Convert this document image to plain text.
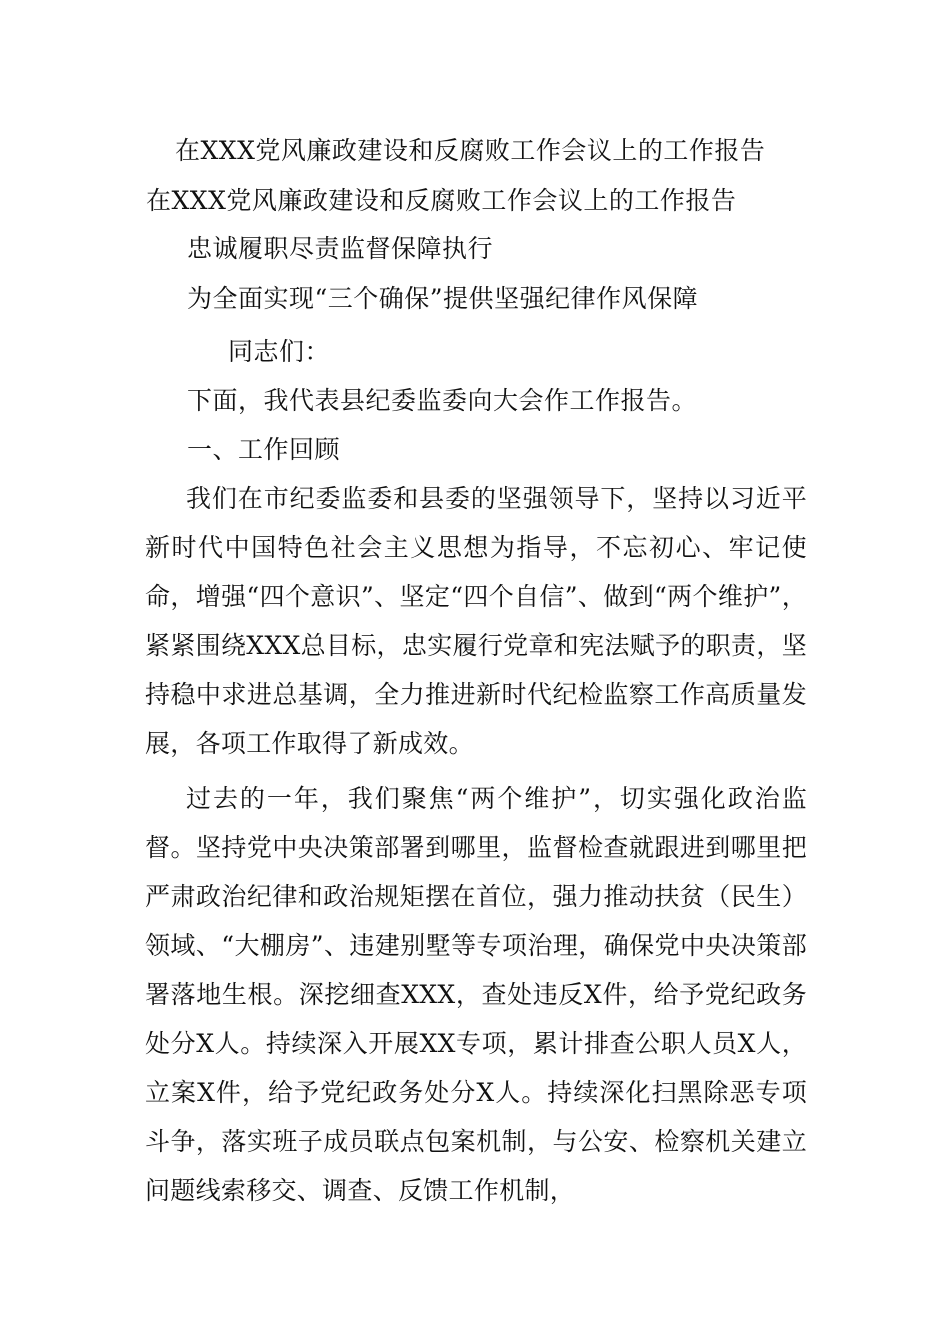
在XXX党风廉政建设和反腐败工作会议上的工作报告
在XXX党风廉政建设和反腐败工作会议上的工作报告
忠诚履职尽责监督保障执行
为全面实现“三个确保”提供坚强纪律作风保障
同志们：
下面，我代表县纪委监委向大会作工作报告。
一、工作回顾
我们在市纪委监委和县委的坚强领导下，坚持以习近平新时代中国特色社会主义思想为指导，不忘初心、牢记使命，增强“四个意识”、坚定“四个自信”、做到“两个维护”，紧紧围绕XXX总目标，忠实履行党章和宪法赋予的职责，坚持稳中求进总基调，全力推进新时代纪检监察工作高质量发展，各项工作取得了新成效。
过去的一年，我们聚焦“两个维护”，切实强化政治监督。坚持党中央决策部署到哪里，监督检查就跟进到哪里把严肃政治纪律和政治规矩摆在首位，强力推动扶贫（民生）领域、“大棚房”、违建别墅等专项治理，确保党中央决策部署落地生根。深挖细查XXX，查处违反X件，给予党纪政务处分X人。持续深入开展XX专项，累计排查公职人员X人，立案X件，给予党纪政务处分X人。持续深化扫黑除恶专项斗争，落实班子成员联点包案机制，与公安、检察机关建立问题线索移交、调查、反馈工作机制，
